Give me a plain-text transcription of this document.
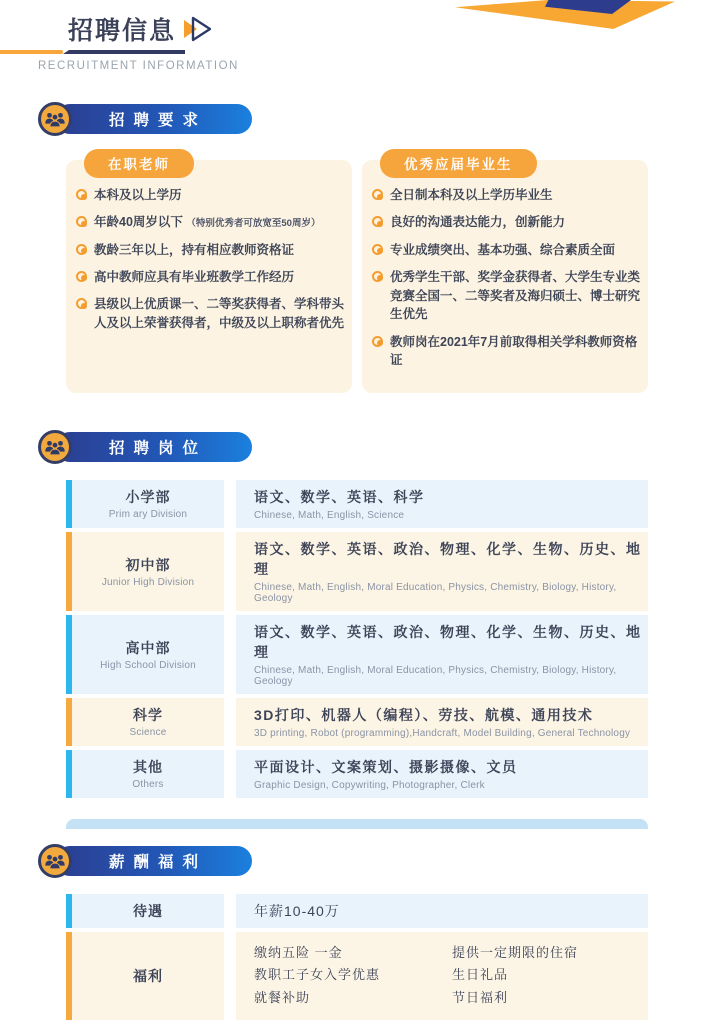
招聘信息
RECRUITMENT INFORMATION
招聘要求
在职老师
本科及以上学历
年龄40周岁以下 （特别优秀者可放宽至50周岁）
教龄三年以上，持有相应教师资格证
高中教师应具有毕业班教学工作经历
县级以上优质课一、二等奖获得者、学科带头人及以上荣誉获得者，中级及以上职称者优先
优秀应届毕业生
全日制本科及以上学历毕业生
良好的沟通表达能力，创新能力
专业成绩突出、基本功强、综合素质全面
优秀学生干部、奖学金获得者、大学生专业类竞赛全国一、二等奖者及海归硕士、博士研究生优先
教师岗在2021年7月前取得相关学科教师资格证
招聘岗位
小学部
Prim ary Division
语文、数学、英语、科学
Chinese, Math, English, Science
初中部
Junior High Division
语文、数学、英语、政治、物理、化学、生物、历史、地理
Chinese, Math, English, Moral Education, Physics, Chemistry, Biology, History, Geology
高中部
High School Division
语文、数学、英语、政治、物理、化学、生物、历史、地理
Chinese, Math, English, Moral Education, Physics, Chemistry, Biology, History, Geology
科学
Science
3D打印、机器人（编程）、劳技、航模、通用技术
3D printing, Robot (programming),Handcraft, Model Building, General Technology
其他
Others
平面设计、文案策划、摄影摄像、文员
Graphic Design, Copywriting, Photographer, Clerk
薪酬福利
待遇	年薪10-40万
福利
缴纳五险 一金
教职工子女入学优惠
就餐补助
提供一定期限的住宿
生日礼品
节日福利
